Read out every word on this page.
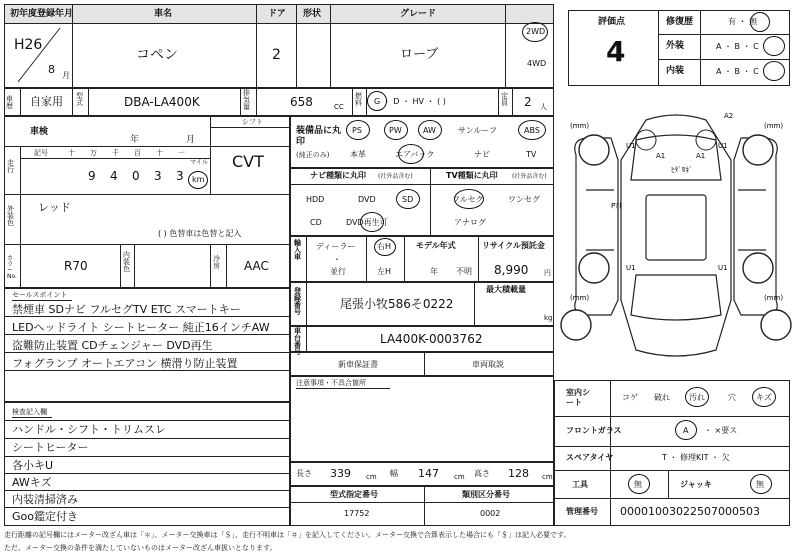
初年度登録年月
H26
8 月
車名
コペン
ドア
2
形状	グレード
ローブ
2WD
4WD
評価点
4
修復歴	有 ・ 無
外装	A ・ B ・ C
内装	A ・ B ・ C
車歴 自家用 型式	DBA-LA400K
排気量	658	CC
燃料	G ・ D ・ HV ・ ( )
定員 2 人
車検
年	月
シフト
CVT
走行
記号	十 万 千 百 十 一
マイル
9 4 0 3 3 km
外装色
レッド
( ) 色替車は色替と記入
カラーNo.
R70
内装色
冷房 AAC
装備品に丸印
(純正のみ)
PS	PW	AW	サンルーフ	ABS
本革	エアバック	ナビ	TV
ナビ種類に丸印 (社外品含む)	TV種類に丸印 (社外品含む)
HDD	DVD	SD
CD	DVD再生可
フルセグ	ワンセグ
アナログ
輸入車
ディーラー
・
並行
右H
左H
モデル年式
年 不明
リサイクル預託金
8,990 円
登録番号
尾張小牧586そ0222
最大積載量
kg
車台番号
LA400K-0003762
新車保証書	車両取説
注意事項・不具合箇所
セールスポイント
禁煙車 SDナビ フルセグTV ETC スマートキー
LEDヘッドライト シートヒーター 純正16インチAW
盗難防止装置 CDチェンジャー DVD再生
フォグランプ オートエアコン 横滑り防止装置
検査記入欄
ハンドル・シフト・トリムスレ
シートヒーター
各小キU
AWキズ
内装清掃済み
Goo鑑定付き
長さ 339 cm 幅 147 cm 高さ 128 cm
型式指定番号
17752
類別区分番号
0002
室内シート
コゲ 破れ 汚れ	穴	キズ
フロントガラス	A ・ ×要ス
スペアタイヤ	T ・ 修理KIT ・ 欠
工具	無	ジャッキ	無
管理番号 0000100302250700050​3
A2
A1	A1
U1	U1
U1	U1
ﾋﾀﾞﾘ
ﾐｷﾞ
Pｱﾄ
(mm)	(mm)
(mm)	(mm)
走行距離の記号欄にはメーター改ざん車は「＊」、メーター交換車は「＄」、走行不明車は「＃」を記入してください。メーター交換で合算表示した場合にも「＄」は記入必要です。
ただ、メーター交換の条件を満たしていないものはメーター改ざん車扱いとなります。
